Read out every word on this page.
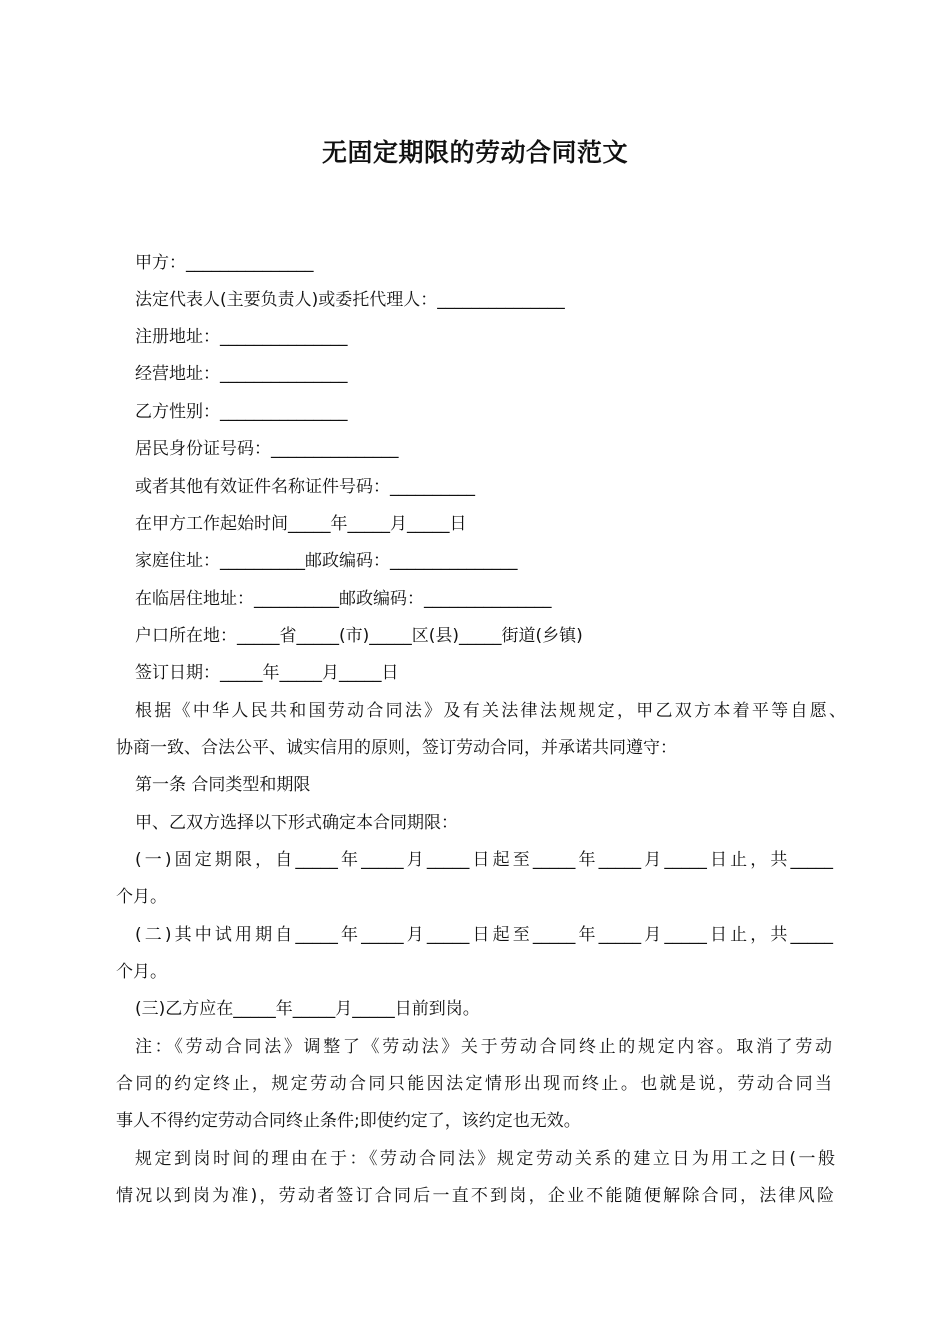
无固定期限的劳动合同范文
甲方：_______________
法定代表人(主要负责人)或委托代理人：_______________
注册地址：_______________
经营地址：_______________
乙方性别：_______________
居民身份证号码：_______________
或者其他有效证件名称证件号码：__________
在甲方工作起始时间_____年_____月_____日
家庭住址：__________邮政编码：_______________
在临居住地址：__________邮政编码：_______________
户口所在地：_____省_____(市)_____区(县)_____街道(乡镇)
签订日期：_____年_____月_____日
根据《中华人民共和国劳动合同法》及有关法律法规规定，甲乙双方本着平等自愿、
协商一致、合法公平、诚实信用的原则，签订劳动合同，并承诺共同遵守：
第一条 合同类型和期限
甲、乙双方选择以下形式确定本合同期限：
(一)固定期限，自_____年_____月_____日起至_____年_____月_____日止，共_____
个月。
(二)其中试用期自_____年_____月_____日起至_____年_____月_____日止，共_____
个月。
(三)乙方应在_____年_____月_____日前到岗。
注：《劳动合同法》调整了《劳动法》关于劳动合同终止的规定内容。取消了劳动
合同的约定终止，规定劳动合同只能因法定情形出现而终止。也就是说，劳动合同当
事人不得约定劳动合同终止条件;即使约定了，该约定也无效。
规定到岗时间的理由在于：《劳动合同法》规定劳动关系的建立日为用工之日(一般
情况以到岗为准)，劳动者签订合同后一直不到岗，企业不能随便解除合同，法律风险
